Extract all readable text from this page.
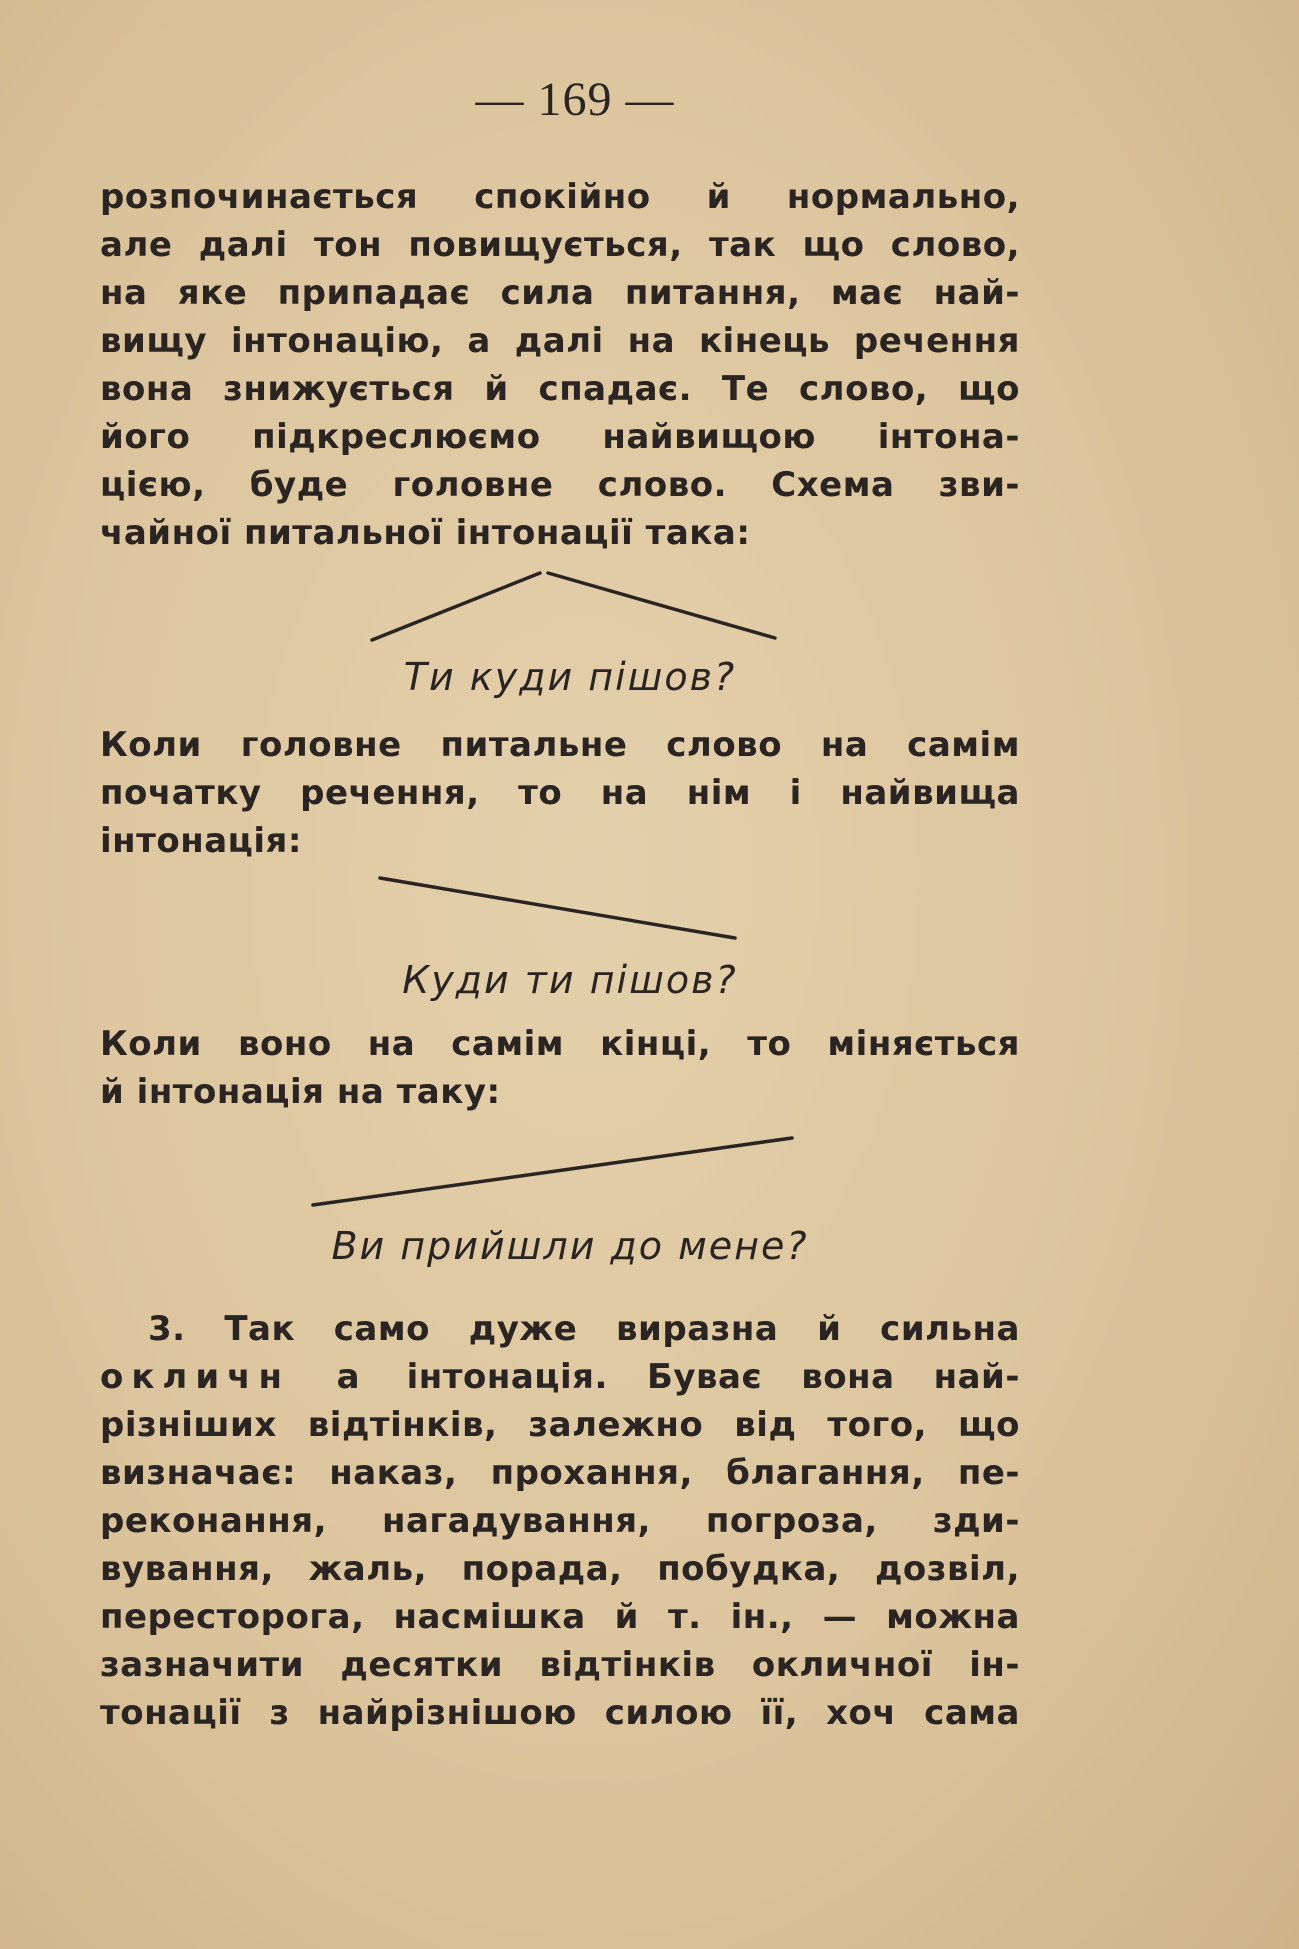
— 169 —
розпочинається спокійно й нормально,
але далі тон повищується, так що слово,
на яке припадає сила питання, має най-
вищу інтонацію, а далі на кінець речення
вона знижується й спадає. Те слово, що
його підкреслюємо найвищою інтона-
цією, буде головне слово. Схема зви-
чайної питальної інтонації така:
Ти куди пішов?
Коли головне питальне слово на самім
початку речення, то на нім і найвища
інтонація:
Куди ти пішов?
Коли воно на самім кінці, то міняється
й інтонація на таку:
Ви прийшли до мене?
3. Так само дуже виразна й сильна
окличн а інтонація. Буває вона най-
різніших відтінків, залежно від того, що
визначає: наказ, прохання, благання, пе-
реконання, нагадування, погроза, зди-
вування, жаль, порада, побудка, дозвіл,
пересторога, насмішка й т. ін., — можна
зазначити десятки відтінків окличної ін-
тонації з найрізнішою силою її, хоч сама
